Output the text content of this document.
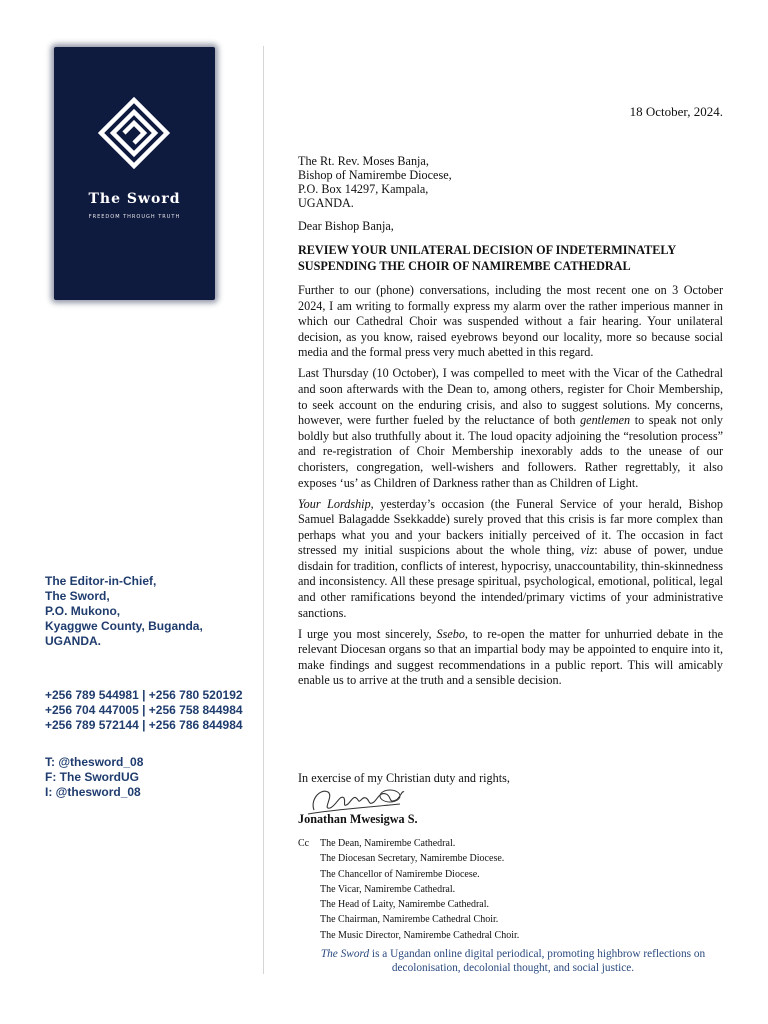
The Sword
FREEDOM THROUGH TRUTH
The Editor-in-Chief,
The Sword,
P.O. Mukono,
Kyaggwe County, Buganda,
UGANDA.
+256 789 544981 | +256 780 520192
+256 704 447005 | +256 758 844984
+256 789 572144 | +256 786 844984
T: @thesword_08
F: The SwordUG
I: @thesword_08
18 October, 2024.
The Rt. Rev. Moses Banja,
Bishop of Namirembe Diocese,
P.O. Box 14297, Kampala,
UGANDA.
Dear Bishop Banja,
REVIEW YOUR UNILATERAL DECISION OF INDETERMINATELY
SUSPENDING THE CHOIR OF NAMIREMBE CATHEDRAL

Further to our (phone) conversations, including the most recent one on 3 October 2024, I am writing to formally express my alarm over the rather imperious manner in which our Cathedral Choir was suspended without a fair hearing. Your unilateral decision, as you know, raised eyebrows beyond our locality, more so because social media and the formal press very much abetted in this regard.

Last Thursday (10 October), I was compelled to meet with the Vicar of the Cathedral and soon afterwards with the Dean to, among others, register for Choir Membership, to seek account on the enduring crisis, and also to suggest solutions. My concerns, however, were further fueled by the reluctance of both gentlemen to speak not only boldly but also truthfully about it. The loud opacity adjoining the “resolution process” and re-registration of Choir Membership inexorably adds to the unease of our choristers, congregation, well-wishers and followers. Rather regrettably, it also exposes ‘us’ as Children of Darkness rather than as Children of Light.

Your Lordship, yesterday’s occasion (the Funeral Service of your herald, Bishop Samuel Balagadde Ssekkadde) surely proved that this crisis is far more complex than perhaps what you and your backers initially perceived of it. The occasion in fact stressed my initial suspicions about the whole thing, viz: abuse of power, undue disdain for tradition, conflicts of interest, hypocrisy, unaccountability, thin-skinnedness and inconsistency. All these presage spiritual, psychological, emotional, political, legal and other ramifications beyond the intended/primary victims of your administrative sanctions.

I urge you most sincerely, Ssebo, to re-open the matter for unhurried debate in the relevant Diocesan organs so that an impartial body may be appointed to enquire into it, make findings and suggest recommendations in a public report. This will amicably enable us to arrive at the truth and a sensible decision.

In exercise of my Christian duty and rights,
Jonathan Mwesigwa S.
Cc The Dean, Namirembe Cathedral.
The Diocesan Secretary, Namirembe Diocese.
The Chancellor of Namirembe Diocese.
The Vicar, Namirembe Cathedral.
The Head of Laity, Namirembe Cathedral.
The Chairman, Namirembe Cathedral Choir.
The Music Director, Namirembe Cathedral Choir.
The Sword is a Ugandan online digital periodical, promoting highbrow reflections on
decolonisation, decolonial thought, and social justice.
